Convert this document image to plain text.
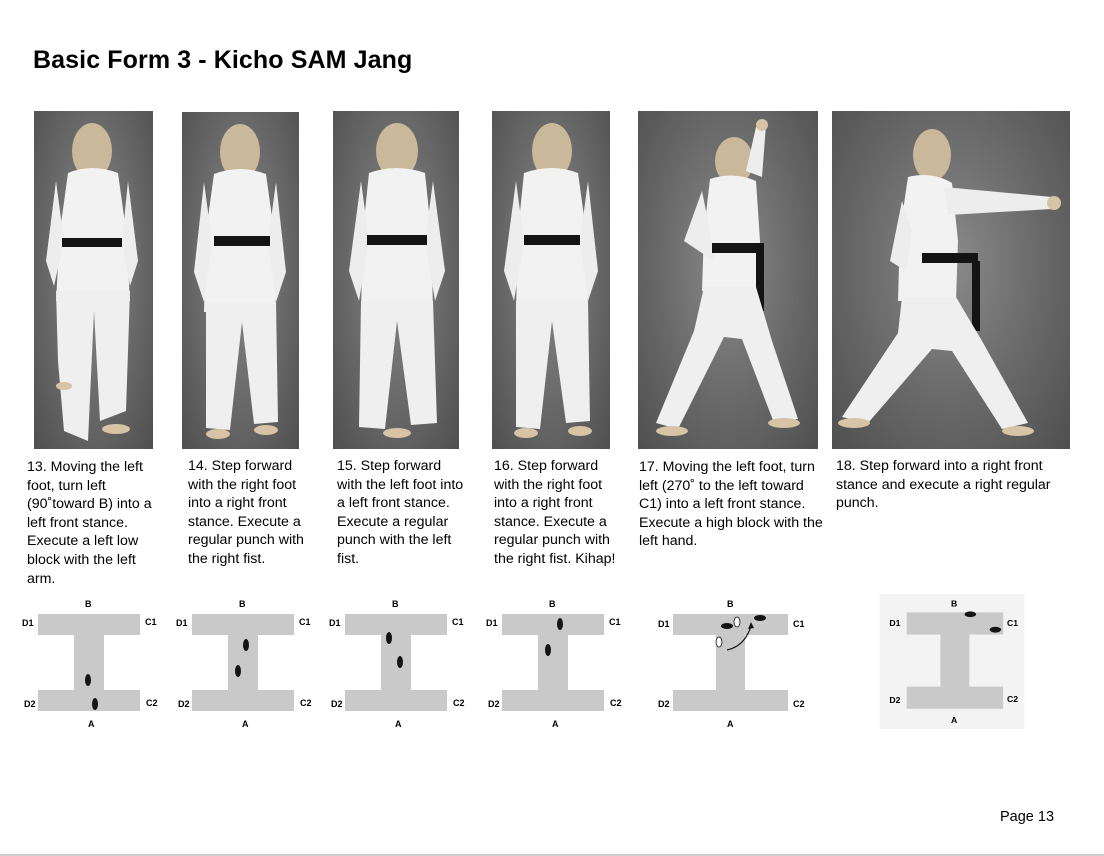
Basic Form 3 - Kicho SAM Jang

13. Moving the left foot, turn left (90˚toward B) into a left front stance. Execute a left low block with the left arm.

14. Step forward with the right foot into a right front stance. Execute a regular punch with the right fist.

15. Step forward with the left foot into a left front stance. Execute a regular punch with the left fist.

16. Step forward with the right foot into a right front stance. Execute a regular punch with the right fist. Kihap!

17. Moving the left foot, turn left (270˚ to the left toward C1) into a left front stance. Execute a high block with the left hand.

18. Step forward into a right front stance and execute a right regular punch.

B
D1	C1
D2	C2
A
B
D1	C1
D2	C2
A
B
D1	C1
D2	C2
A
B
D1	C1
D2	C2
A
B
D1	C1
D2	C2
A
B
D1	C1
D2	C2
A
Page 13
